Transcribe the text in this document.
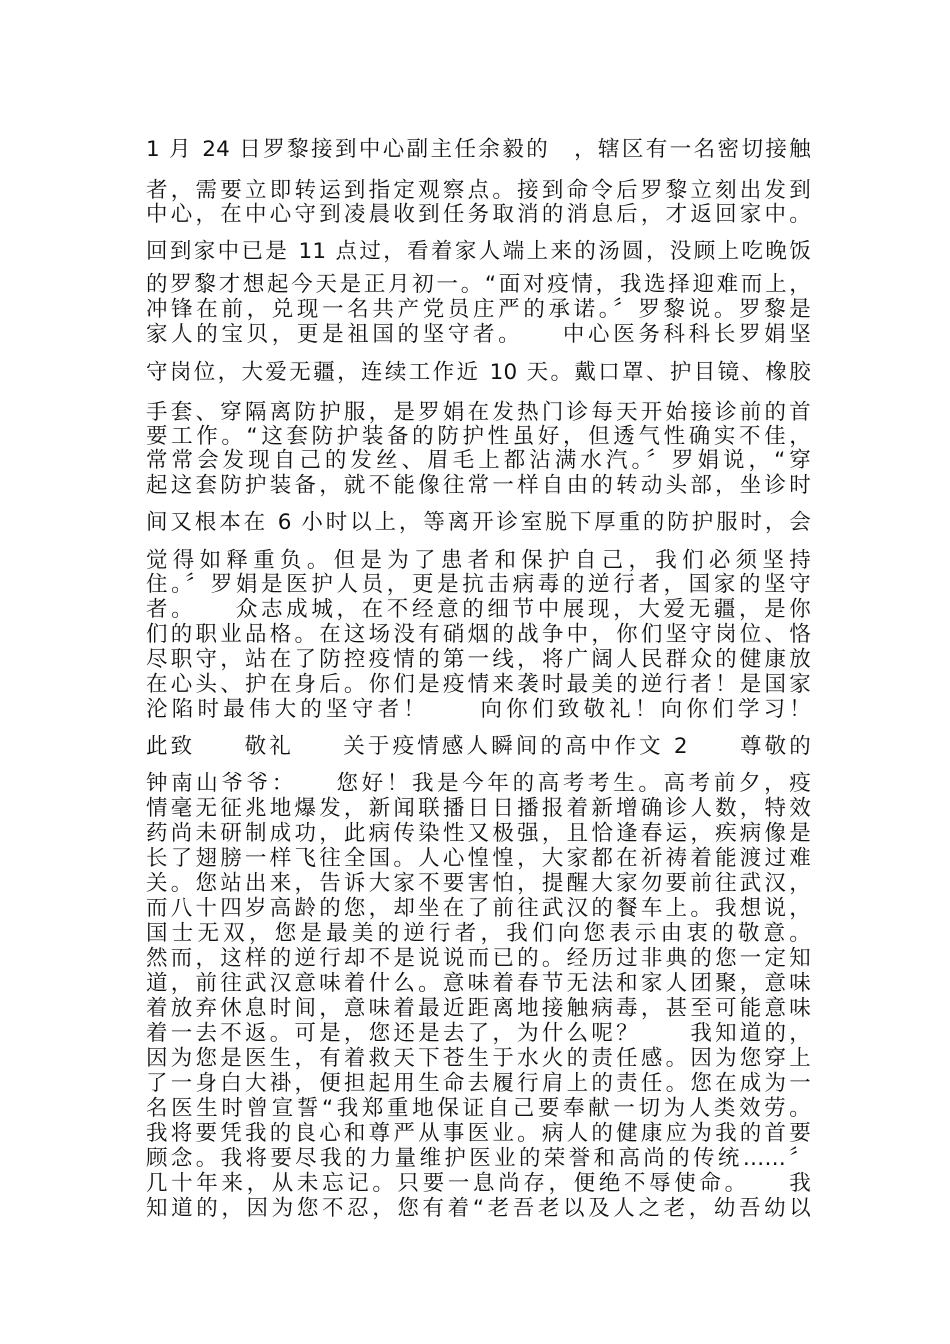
1 月 24 日罗黎接到中心副主任余毅的　，辖区有一名密切接触
者，需要立即转运到指定观察点。接到命令后罗黎立刻出发到
中心，在中心守到凌晨收到任务取消的消息后，才返回家中。
回到家中已是 11 点过，看着家人端上来的汤圆，没顾上吃晚饭
的罗黎才想起今天是正月初一。“面对疫情，我选择迎难而上，
冲锋在前，兑现一名共产党员庄严的承诺。〞罗黎说。罗黎是
家人的宝贝，更是祖国的坚守者。　　中心医务科科长罗娟坚
守岗位，大爱无疆，连续工作近 10 天。戴口罩、护目镜、橡胶
手套、穿隔离防护服，是罗娟在发热门诊每天开始接诊前的首
要工作。“这套防护装备的防护性虽好，但透气性确实不佳，
常常会发现自己的发丝、眉毛上都沾满水汽。〞罗娟说，“穿
起这套防护装备，就不能像往常一样自由的转动头部，坐诊时
间又根本在 6 小时以上，等离开诊室脱下厚重的防护服时，会
觉得如释重负。但是为了患者和保护自己，我们必须坚持
住。〞罗娟是医护人员，更是抗击病毒的逆行者，国家的坚守
者。　　众志成城，在不经意的细节中展现，大爱无疆，是你
们的职业品格。在这场没有硝烟的战争中，你们坚守岗位、恪
尽职守，站在了防控疫情的第一线，将广阔人民群众的健康放
在心头、护在身后。你们是疫情来袭时最美的逆行者！是国家
沦陷时最伟大的坚守者！　　向你们致敬礼！向你们学习！
此致　　敬礼　　关于疫情感人瞬间的高中作文 2　　尊敬的
钟南山爷爷：　　您好！我是今年的高考考生。高考前夕，疫
情毫无征兆地爆发，新闻联播日日播报着新增确诊人数，特效
药尚未研制成功，此病传染性又极强，且恰逢春运，疾病像是
长了翅膀一样飞往全国。人心惶惶，大家都在祈祷着能渡过难
关。您站出来，告诉大家不要害怕，提醒大家勿要前往武汉，
而八十四岁高龄的您，却坐在了前往武汉的餐车上。我想说，
国士无双，您是最美的逆行者，我们向您表示由衷的敬意。
然而，这样的逆行却不是说说而已的。经历过非典的您一定知
道，前往武汉意味着什么。意味着春节无法和家人团聚，意味
着放弃休息时间，意味着最近距离地接触病毒，甚至可能意味
着一去不返。可是，您还是去了，为什么呢？　　我知道的，
因为您是医生，有着救天下苍生于水火的责任感。因为您穿上
了一身白大褂，便担起用生命去履行肩上的责任。您在成为一
名医生时曾宣誓“我郑重地保证自己要奉献一切为人类效劳。
我将要凭我的良心和尊严从事医业。病人的健康应为我的首要
顾念。我将要尽我的力量维护医业的荣誉和高尚的传统……〞
几十年来，从未忘记。只要一息尚存，便绝不辱使命。　　我
知道的，因为您不忍，您有着“老吾老以及人之老，幼吾幼以
